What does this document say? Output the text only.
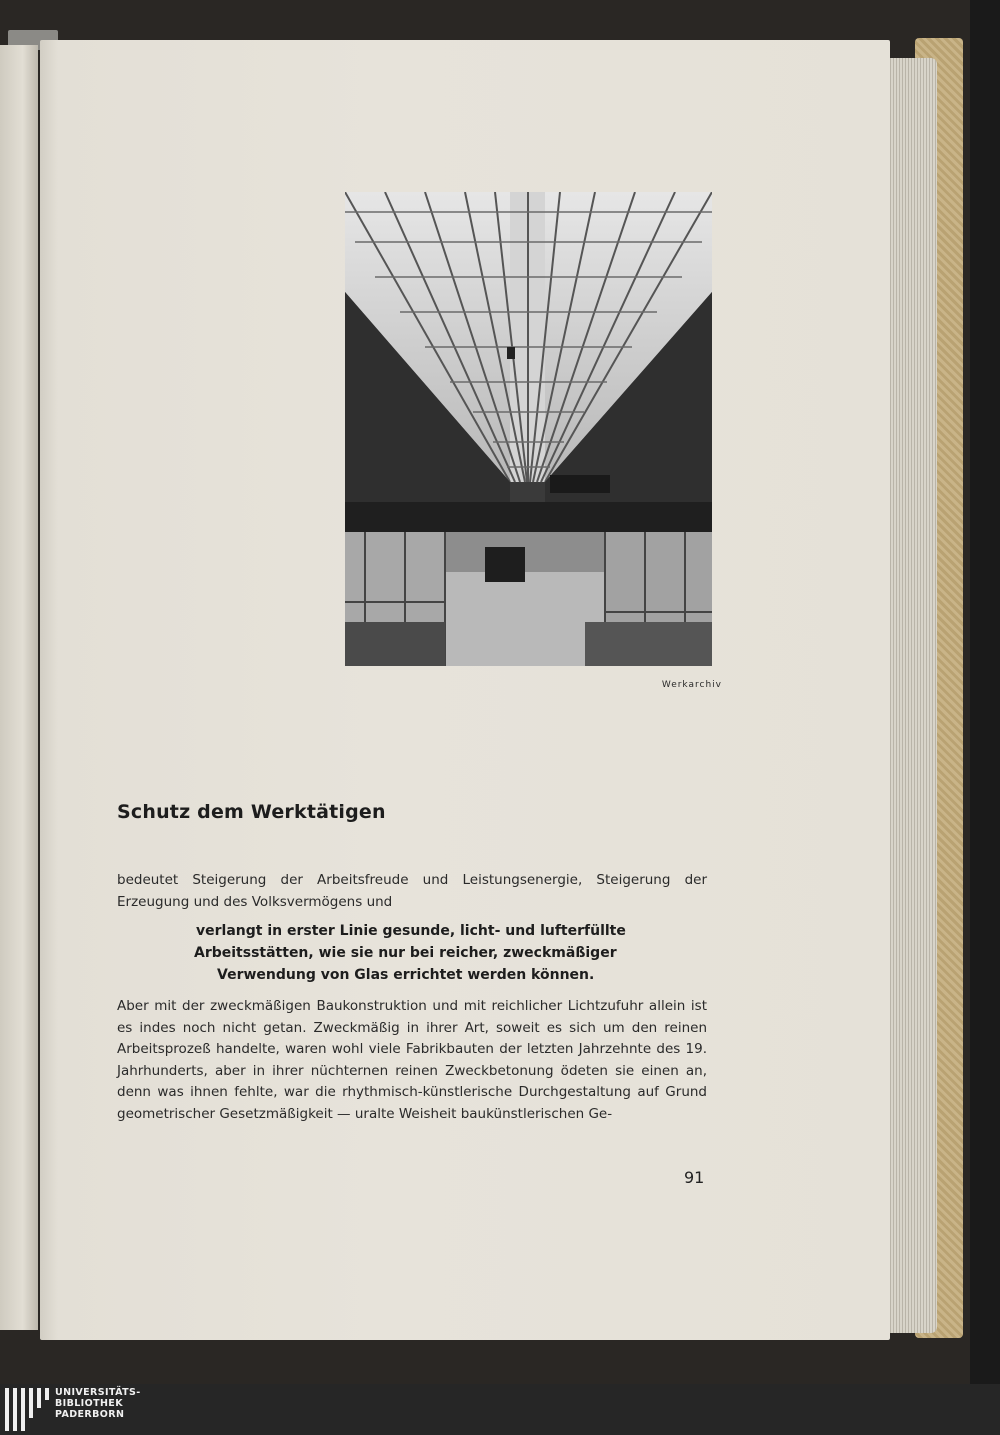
Werkarchiv
Schutz dem Werktätigen

bedeutet Steigerung der Arbeitsfreude und Leistungsenergie, Steigerung der Erzeugung und des Volksvermögens und

verlangt in erster Linie gesunde, licht- und lufterfüllte
Arbeitsstätten, wie sie nur bei reicher, zweckmäßiger
Verwendung von Glas errichtet werden können.

Aber mit der zweckmäßigen Baukonstruktion und mit reichlicher Lichtzufuhr allein ist es indes noch nicht getan. Zweckmäßig in ihrer Art, soweit es sich um den reinen Arbeitsprozeß handelte, waren wohl viele Fabrikbauten der letzten Jahrzehnte des 19. Jahrhunderts, aber in ihrer nüchternen reinen Zweckbetonung ödeten sie einen an, denn was ihnen fehlte, war die rhythmisch-künstlerische Durchgestaltung auf Grund geometrischer Gesetzmäßigkeit — uralte Weisheit baukünstlerischen Ge-

91

UNIVERSITÄTS-
BIBLIOTHEK
PADERBORN
